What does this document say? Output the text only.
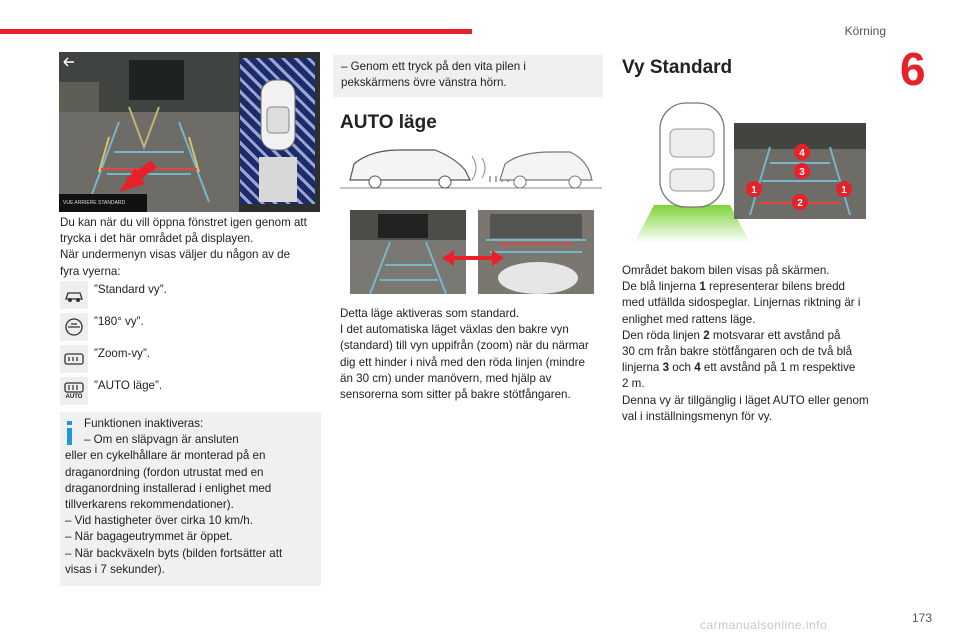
Körning
6
VUE ARRIERE STANDARD

Du kan när du vill öppna fönstret igen genom att

trycka i det här området på displayen.

När undermenyn visas väljer du någon av de

fyra vyerna:

”Standard vy”.
”180° vy”.
”Zoom-vy”.
AUTO
”AUTO läge”.

Funktionen inaktiveras:

– Om en släpvagn är ansluten

eller en cykelhållare är monterad på en

draganordning (fordon utrustat med en

draganordning installerad i enlighet med

tillverkarens rekommendationer).

– Vid hastigheter över cirka 10 km/h.

– När bagageutrymmet är öppet.

– När backväxeln byts (bilden fortsätter att

visas i 7 sekunder).

– Genom ett tryck på den vita pilen i

pekskärmens övre vänstra hörn.

AUTO läge

Detta läge aktiveras som standard.

I det automatiska läget växlas den bakre vyn

(standard) till vyn uppifrån (zoom) när du närmar

dig ett hinder i nivå med den röda linjen (mindre

än 30 cm) under manövern, med hjälp av

sensorerna som sitter på bakre stötfångaren.

Vy Standard
4
3
1
2
1

Området bakom bilen visas på skärmen.

De blå linjerna 1 representerar bilens bredd

med utfällda sidospeglar. Linjernas riktning är i

enlighet med rattens läge.

Den röda linjen 2 motsvarar ett avstånd på

30 cm från bakre stötfångaren och de två blå

linjerna 3 och 4 ett avstånd på 1 m respektive

2 m.

Denna vy är tillgänglig i läget AUTO eller genom

val i inställningsmenyn för vy.

173
carmanualsonline.info
